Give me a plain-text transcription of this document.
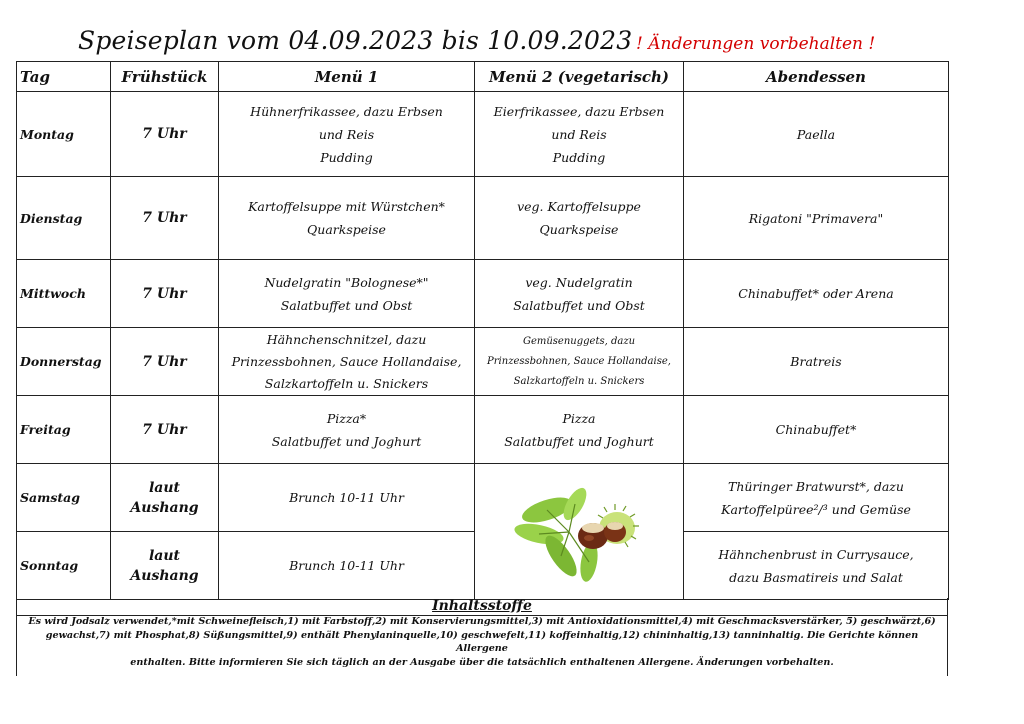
Speiseplan vom 04.09.2023 bis 10.09.2023 ! Änderungen vorbehalten !
Tag	Frühstück	Menü 1	Menü 2 (vegetarisch)	Abendessen
Montag	7 Uhr	Hühnerfrikassee, dazu Erbsen
und Reis
Pudding	Eierfrikassee, dazu Erbsen
und Reis
Pudding	Paella

Dienstag	7 Uhr	Kartoffelsuppe mit Würstchen*
Quarkspeise	veg. Kartoffelsuppe
Quarkspeise	Rigatoni "Primavera"

Mittwoch	7 Uhr	Nudelgratin "Bolognese*"
Salatbuffet und Obst	veg. Nudelgratin
Salatbuffet und Obst	Chinabuffet* oder Arena

Donnerstag	7 Uhr	Hähnchenschnitzel, dazu
Prinzessbohnen, Sauce Hollandaise,
Salzkartoffeln u. Snickers	Gemüsenuggets, dazu
Prinzessbohnen, Sauce Hollandaise,
Salzkartoffeln u. Snickers	Bratreis

Freitag	7 Uhr	Pizza*
Salatbuffet und Joghurt	Pizza
Salatbuffet und Joghurt	Chinabuffet*

Samstag	laut
Aushang	Brunch 10-11 Uhr		Thüringer Bratwurst*, dazu
Kartoffelpüree²/³ und Gemüse

Sonntag	laut
Aushang	Brunch 10-11 Uhr		Hähnchenbrust in Currysauce,
dazu Basmatireis und Salat
Inhaltsstoffe
Es wird Jodsalz verwendet,*mit Schweinefleisch,1) mit Farbstoff,2) mit Konservierungsmittel,3) mit Antioxidationsmittel,4) mit Geschmacksverstärker, 5) geschwärzt,6)
gewachst,7) mit Phosphat,8) Süßungsmittel,9) enthält Phenylaninquelle,10) geschwefelt,11) koffeinhaltig,12) chininhaltig,13) tanninhaltig. Die Gerichte können Allergene
enthalten. Bitte informieren Sie sich täglich an der Ausgabe über die tatsächlich enthaltenen Allergene. Änderungen vorbehalten.
